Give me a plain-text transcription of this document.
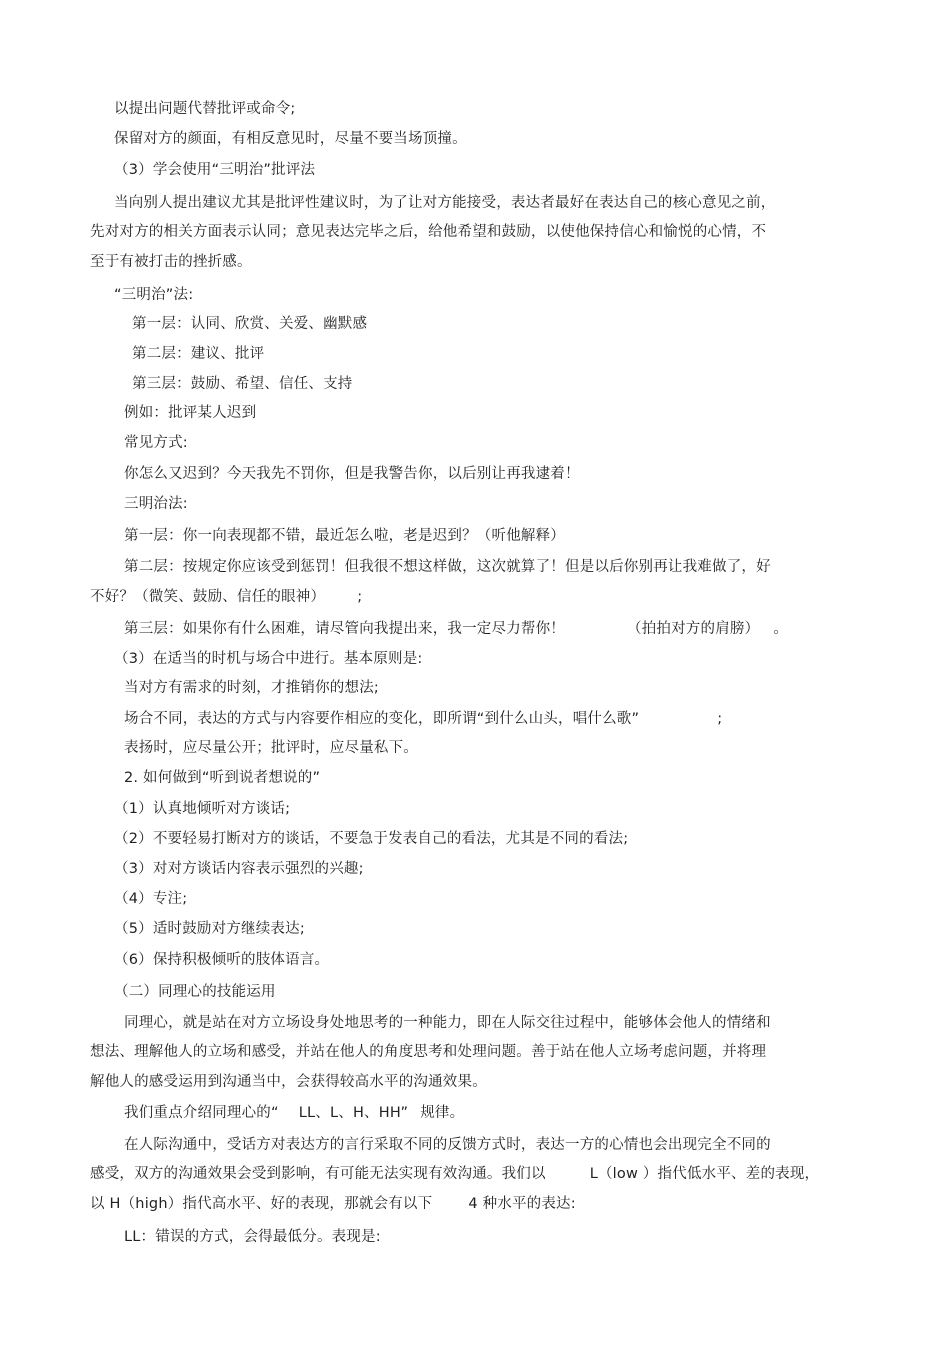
以提出问题代替批评或命令;
保留对方的颜面，有相反意见时，尽量不要当场顶撞。
（3）学会使用“三明治”批评法
当向别人提出建议尤其是批评性建议时，为了让对方能接受，表达者最好在表达自己的核心意见之前，
先对对方的相关方面表示认同；意见表达完毕之后，给他希望和鼓励，以使他保持信心和愉悦的心情，不
至于有被打击的挫折感。
“三明治”法:
第一层：认同、欣赏、关爱、幽默感
第二层：建议、批评
第三层：鼓励、希望、信任、支持
例如：批评某人迟到
常见方式:
你怎么又迟到？今天我先不罚你，但是我警告你，以后别让再我逮着！
三明治法:
第一层：你一向表现都不错，最近怎么啦，老是迟到？（听他解释）
第二层：按规定你应该受到惩罚！但我很不想这样做，这次就算了！但是以后你别再让我难做了，好
不好？（微笑、鼓励、信任的眼神） ;
第三层：如果你有什么困难，请尽管向我提出来，我一定尽力帮你！	（拍拍对方的肩膀） 。
（3）在适当的时机与场合中进行。基本原则是:
当对方有需求的时刻，才推销你的想法;
场合不同，表达的方式与内容要作相应的变化，即所谓“到什么山头，唱什么歌”	;
表扬时，应尽量公开；批评时，应尽量私下。
2. 如何做到“听到说者想说的”
（1）认真地倾听对方谈话;
（2）不要轻易打断对方的谈话，不要急于发表自己的看法，尤其是不同的看法;
（3）对对方谈话内容表示强烈的兴趣;
（4）专注;
（5）适时鼓励对方继续表达;
（6）保持积极倾听的肢体语言。
（二）同理心的技能运用
同理心，就是站在对方立场设身处地思考的一种能力，即在人际交往过程中，能够体会他人的情绪和
想法、理解他人的立场和感受，并站在他人的角度思考和处理问题。善于站在他人立场考虑问题，并将理
解他人的感受运用到沟通当中，会获得较高水平的沟通效果。
我们重点介绍同理心的“ LL、L、H、HH” 规律。
在人际沟通中，受话方对表达方的言行采取不同的反馈方式时，表达一方的心情也会出现完全不同的
感受，双方的沟通效果会受到影响，有可能无法实现有效沟通。我们以	L（low ）指代低水平、差的表现，
以 H（high）指代高水平、好的表现，那就会有以下 4 种水平的表达:
LL：错误的方式，会得最低分。表现是:
